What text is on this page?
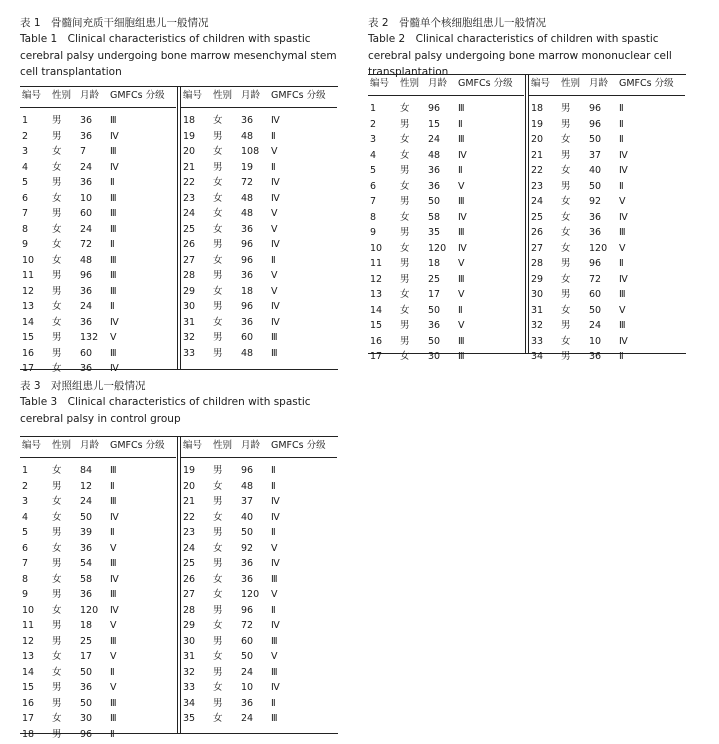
表 1　骨髓间充质干细胞组患儿一般情况
Table 1　Clinical characteristics of children with spastic cerebral palsy undergoing bone marrow mesenchymal stem cell transplantation
编号 性别 月龄 GMFCs 分级
1	男 36 Ⅲ
2	男 36 Ⅳ
3	女 7	Ⅲ
4	女 24 Ⅳ
5	男 36 Ⅱ
6	女 10 Ⅲ
7	男 60 Ⅲ
8	女 24 Ⅲ
9	女 72 Ⅱ
10 女 48 Ⅲ
11 男 96 Ⅲ
12 男 36 Ⅲ
13 女 24 Ⅱ
14 女 36 Ⅳ
15 男 132 Ⅴ
16 男 60 Ⅲ
17 女 36 Ⅳ
编号 性别 月龄 GMFCs 分级
18 女 36 Ⅳ
19 男 48 Ⅱ
20 女 108 Ⅴ
21 男 19 Ⅱ
22 女 72 Ⅳ
23 女 48 Ⅳ
24 女 48 Ⅴ
25 女 36 Ⅴ
26 男 96 Ⅳ
27 女 96 Ⅱ
28 男 36 Ⅴ
29 女 18 Ⅴ
30 男 96 Ⅳ
31 女 36 Ⅳ
32 男 60 Ⅲ
33 男 48 Ⅲ
表 2　骨髓单个核细胞组患儿一般情况
Table 2　Clinical characteristics of children with spastic cerebral palsy undergoing bone marrow mononuclear cell transplantation
编号 性别 月龄 GMFCs 分级
1	女 96 Ⅲ
2	男 15 Ⅱ
3	女 24 Ⅲ
4	女 48 Ⅳ
5	男 36 Ⅱ
6	女 36 Ⅴ
7	男 50 Ⅲ
8	女 58 Ⅳ
9	男 35 Ⅲ
10 女 120 Ⅳ
11 男 18 Ⅴ
12 男 25 Ⅲ
13 女 17 Ⅴ
14 女 50 Ⅱ
15 男 36 Ⅴ
16 男 50 Ⅲ
17 女 30 Ⅲ
编号 性别 月龄 GMFCs 分级
18 男 96 Ⅱ
19 男 96 Ⅱ
20 女 50 Ⅱ
21 男 37 Ⅳ
22 女 40 Ⅳ
23 男 50 Ⅱ
24 女 92 Ⅴ
25 女 36 Ⅳ
26 女 36 Ⅲ
27 女 120 Ⅴ
28 男 96 Ⅱ
29 女 72 Ⅳ
30 男 60 Ⅲ
31 女 50 Ⅴ
32 男 24 Ⅲ
33 女 10 Ⅳ
34 男 36 Ⅱ
表 3　对照组患儿一般情况
Table 3　Clinical characteristics of children with spastic cerebral palsy in control group
编号 性别 月龄 GMFCs 分级
1	女 84 Ⅲ
2	男 12 Ⅱ
3	女 24 Ⅲ
4	女 50 Ⅳ
5	男 39 Ⅱ
6	女 36 Ⅴ
7	男 54 Ⅲ
8	女 58 Ⅳ
9	男 36 Ⅲ
10 女 120 Ⅳ
11 男 18 Ⅴ
12 男 25 Ⅲ
13 女 17 Ⅴ
14 女 50 Ⅱ
15 男 36 Ⅴ
16 男 50 Ⅲ
17 女 30 Ⅲ
18 男 96 Ⅱ
编号 性别 月龄 GMFCs 分级
19 男 96 Ⅱ
20 女 48 Ⅱ
21 男 37 Ⅳ
22 女 40 Ⅳ
23 男 50 Ⅱ
24 女 92 Ⅴ
25 男 36 Ⅳ
26 女 36 Ⅲ
27 女 120 Ⅴ
28 男 96 Ⅱ
29 女 72 Ⅳ
30 男 60 Ⅲ
31 女 50 Ⅴ
32 男 24 Ⅲ
33 女 10 Ⅳ
34 男 36 Ⅱ
35 女 24 Ⅲ
